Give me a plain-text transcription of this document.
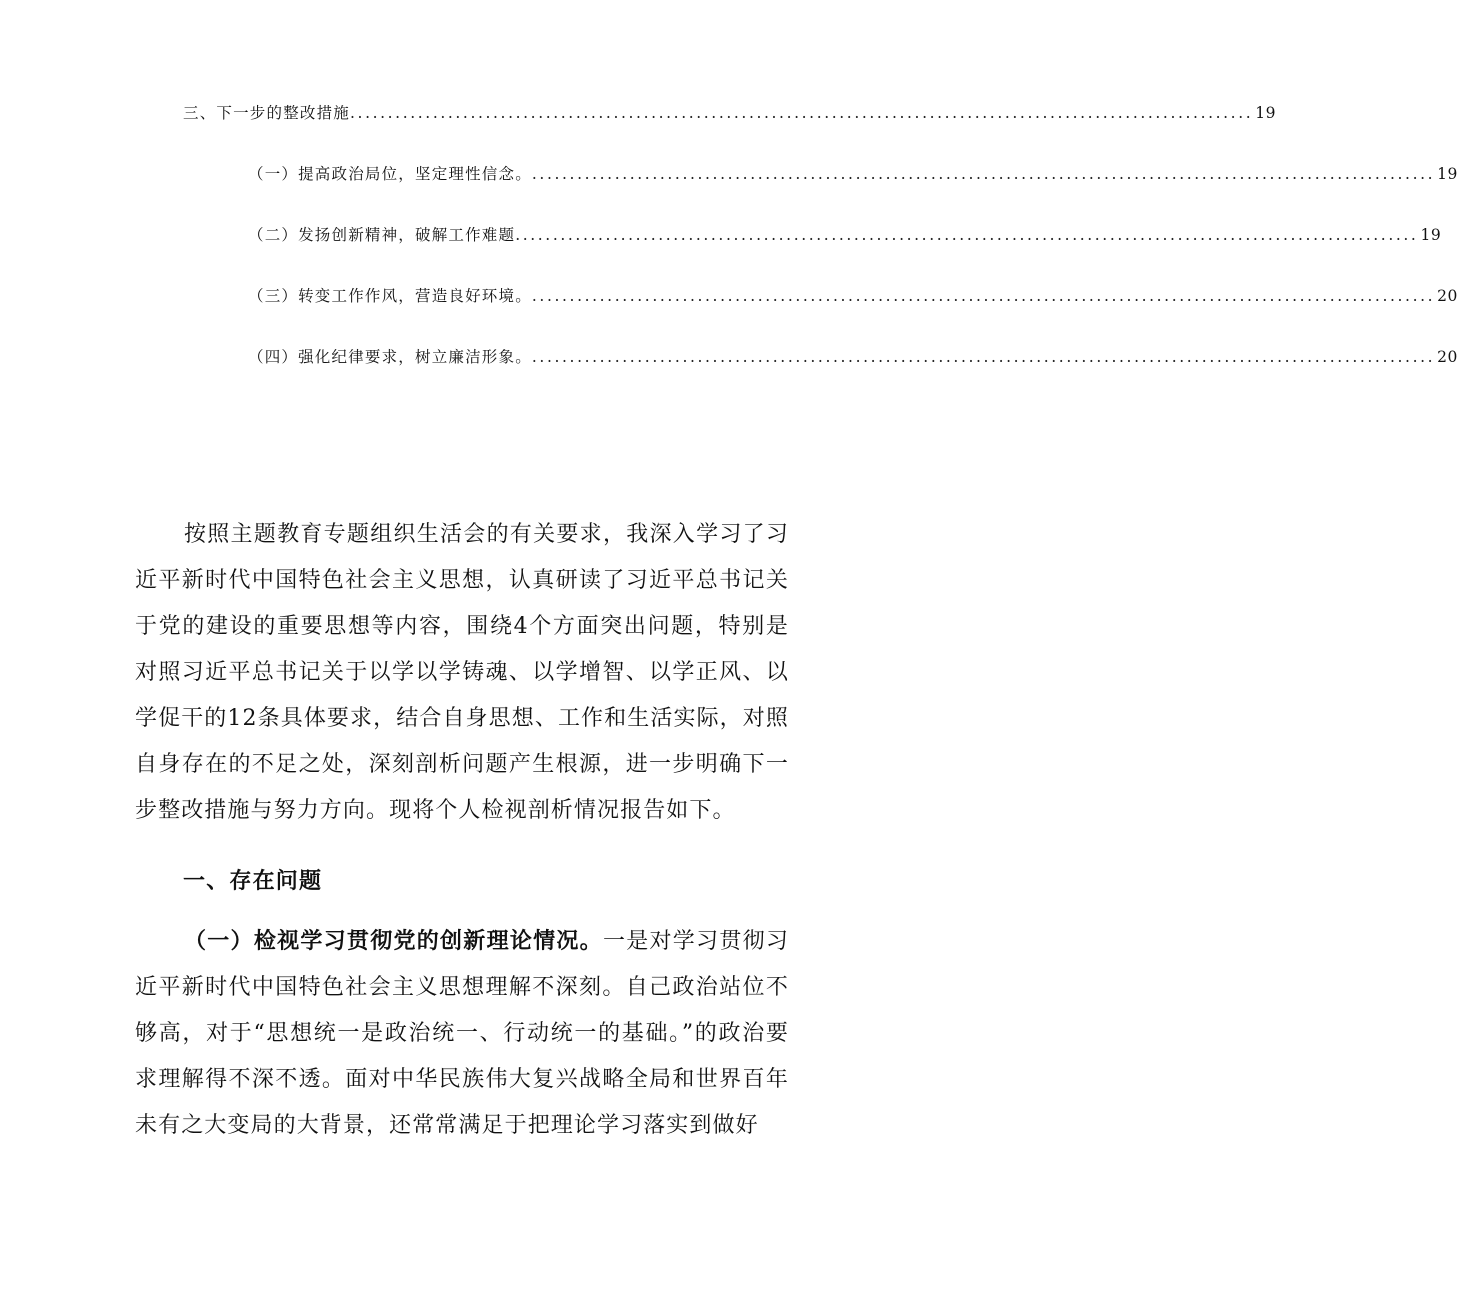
三、下一步的整改措施 ........................................................................................................................ 19
（一）提高政治局位，坚定理性信念。 ........................................................................................................................ 19
（二）发扬创新精神，破解工作难题 ........................................................................................................................ 19
（三）转变工作作风，营造良好环境。 ........................................................................................................................ 20
（四）强化纪律要求，树立廉洁形象。 ........................................................................................................................ 20

按照主题教育专题组织生活会的有关要求，我深入学习了习近平新时代中国特色社会主义思想，认真研读了习近平总书记关于党的建设的重要思想等内容，围绕4个方面突出问题，特别是对照习近平总书记关于以学以学铸魂、以学增智、以学正风、以学促干的12条具体要求，结合自身思想、工作和生活实际，对照自身存在的不足之处，深刻剖析问题产生根源，进一步明确下一步整改措施与努力方向。现将个人检视剖析情况报告如下。

一、存在问题

（一）检视学习贯彻党的创新理论情况。一是对学习贯彻习近平新时代中国特色社会主义思想理解不深刻。自己政治站位不够高，对于“思想统一是政治统一、行动统一的基础。”的政治要求理解得不深不透。面对中华民族伟大复兴战略全局和世界百年未有之大变局的大背景，还常常满足于把理论学习落实到做好
